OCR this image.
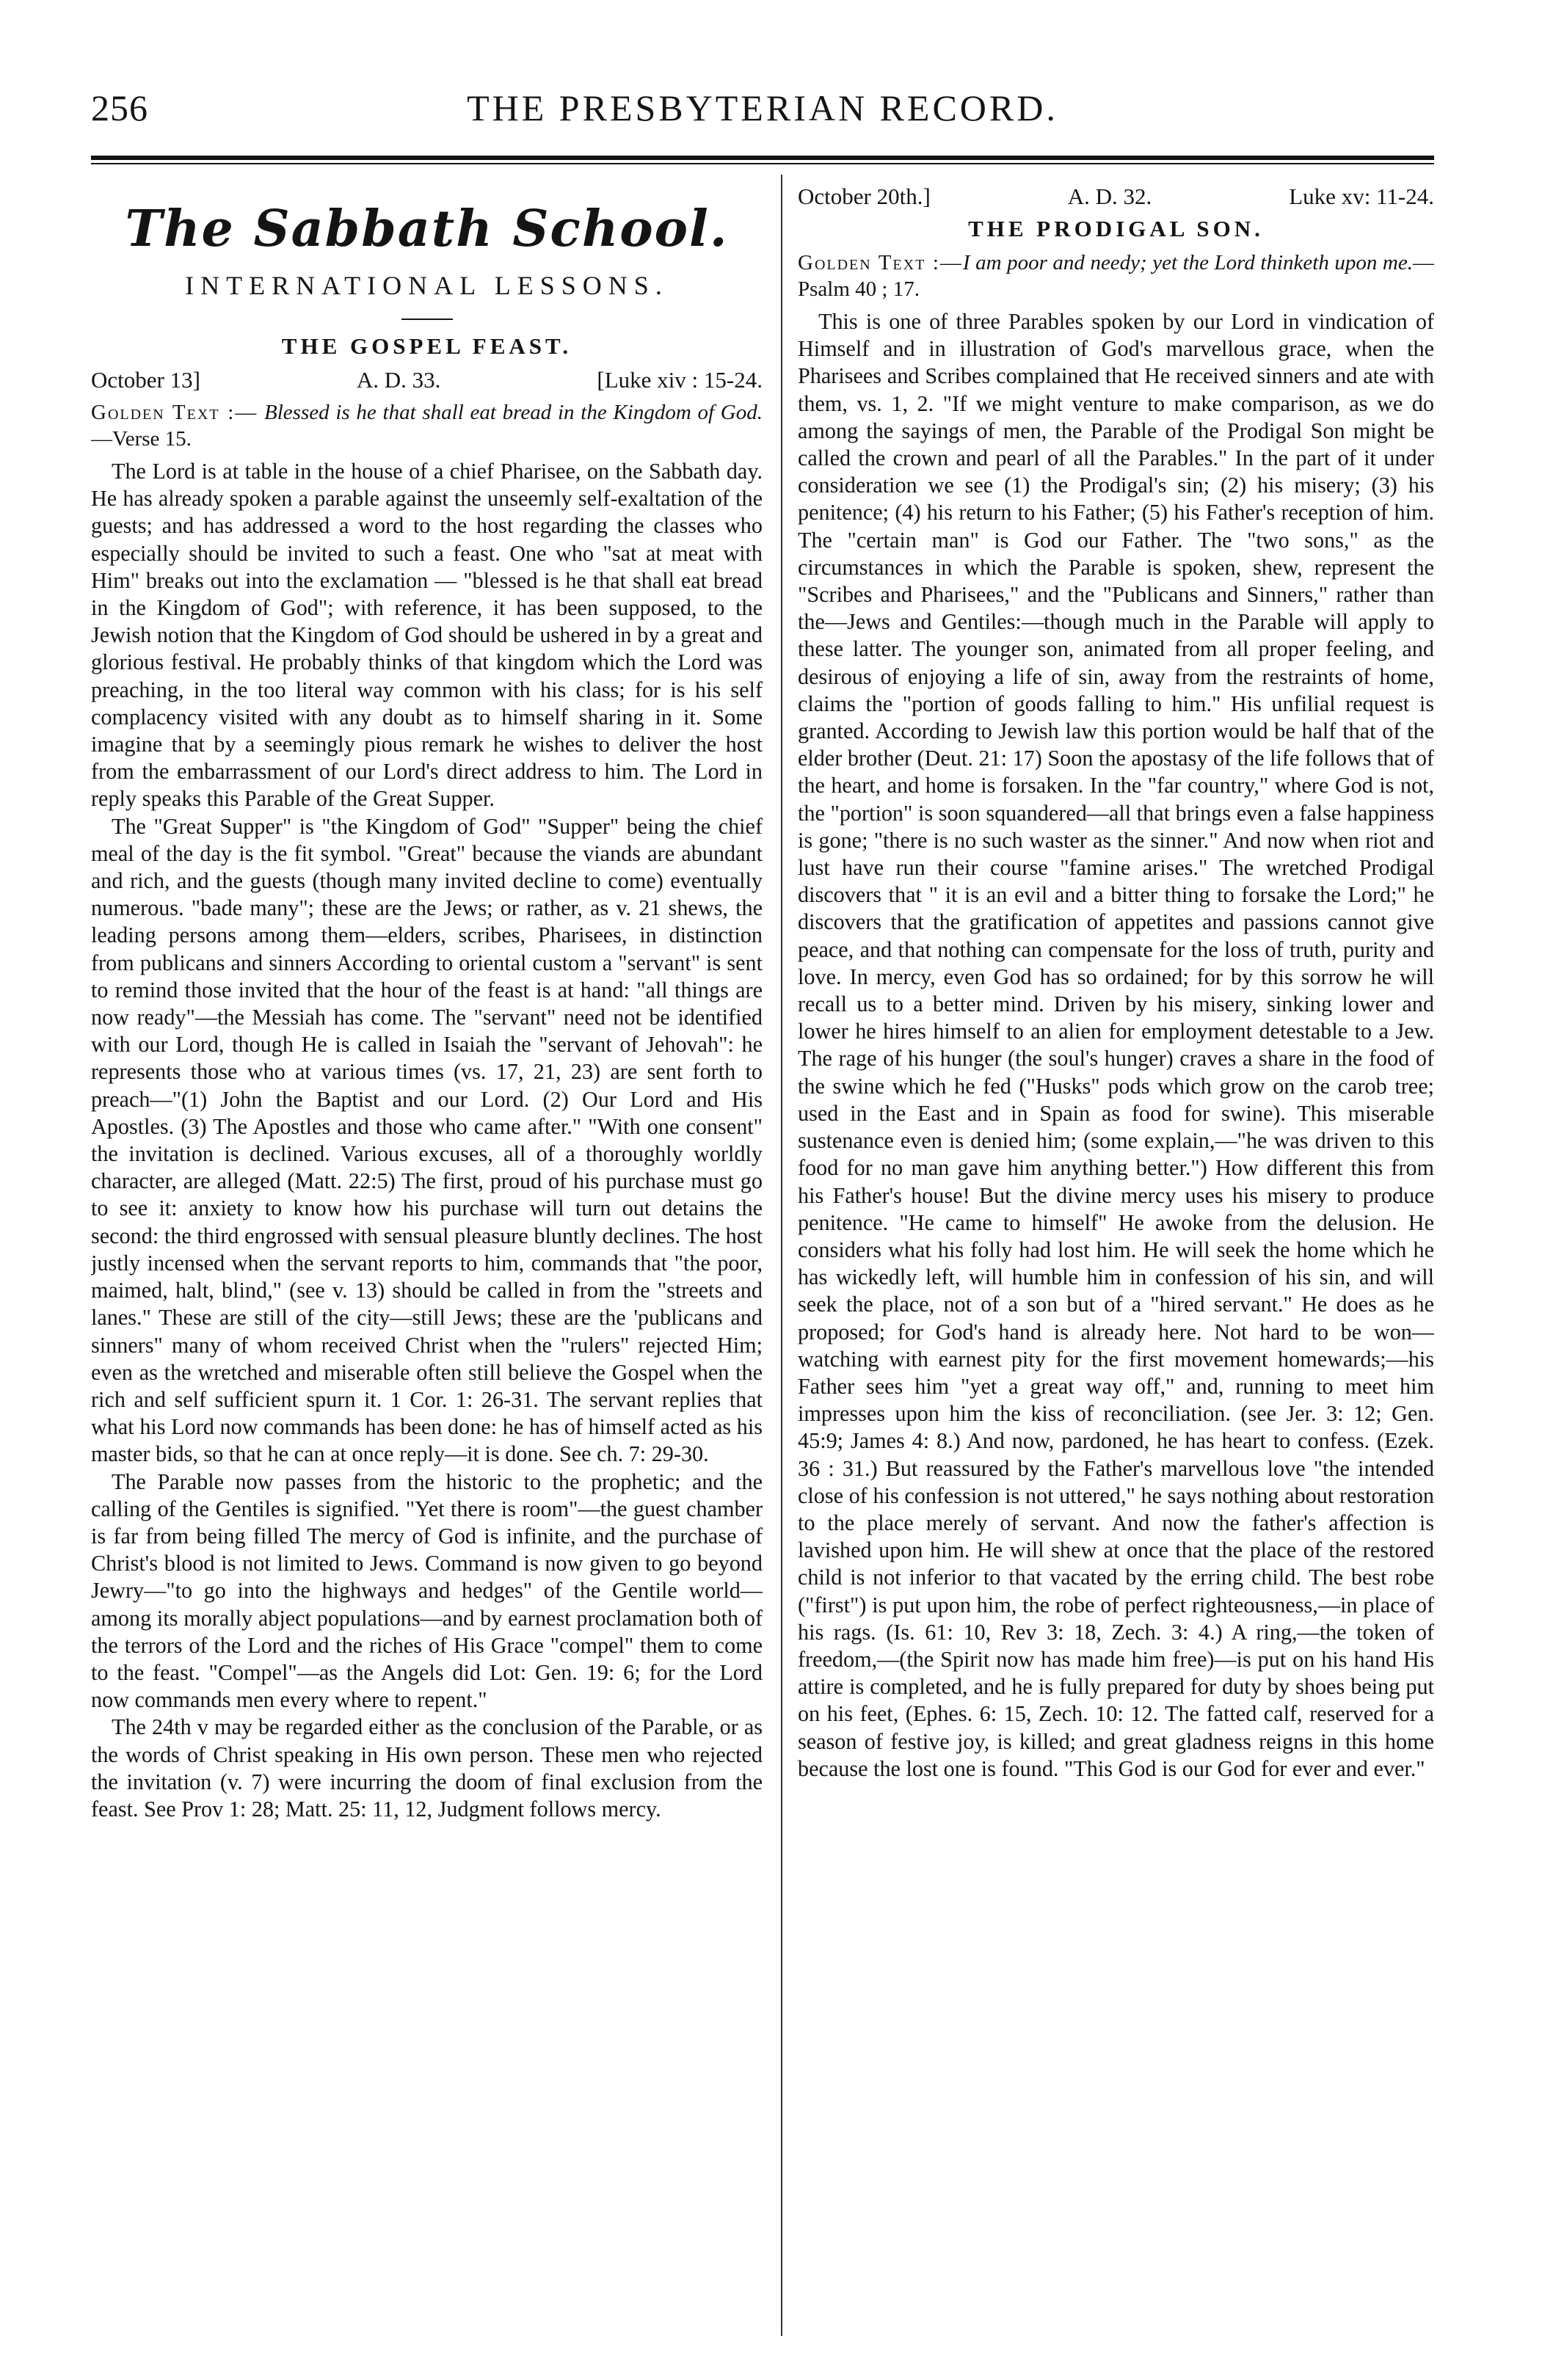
256	THE PRESBYTERIAN RECORD.
The Sabbath School.
INTERNATIONAL LESSONS.
THE GOSPEL FEAST.
October 13]	A. D. 33.	[Luke xiv : 15-24.
Golden Text :— Blessed is he that shall eat bread in the Kingdom of God.—Verse 15.

The Lord is at table in the house of a chief Pharisee, on the Sabbath day. He has already spoken a parable against the unseemly self-exaltation of the guests; and has addressed a word to the host regarding the classes who especially should be invited to such a feast. One who "sat at meat with Him" breaks out into the exclamation — "blessed is he that shall eat bread in the Kingdom of God"; with reference, it has been supposed, to the Jewish notion that the Kingdom of God should be ushered in by a great and glorious festival. He probably thinks of that kingdom which the Lord was preaching, in the too literal way common with his class; for is his self complacency visited with any doubt as to himself sharing in it. Some imagine that by a seemingly pious remark he wishes to deliver the host from the embarrassment of our Lord's direct address to him. The Lord in reply speaks this Parable of the Great Supper.

The "Great Supper" is "the Kingdom of God" "Supper" being the chief meal of the day is the fit symbol. "Great" because the viands are abundant and rich, and the guests (though many invited decline to come) eventually numerous. "bade many"; these are the Jews; or rather, as v. 21 shews, the leading persons among them—elders, scribes, Pharisees, in distinction from publicans and sinners According to oriental custom a "servant" is sent to remind those invited that the hour of the feast is at hand: "all things are now ready"—the Messiah has come. The "servant" need not be identified with our Lord, though He is called in Isaiah the "servant of Jehovah": he represents those who at various times (vs. 17, 21, 23) are sent forth to preach—"(1) John the Baptist and our Lord. (2) Our Lord and His Apostles. (3) The Apostles and those who came after." "With one consent" the invitation is declined. Various excuses, all of a thoroughly worldly character, are alleged (Matt. 22:5) The first, proud of his purchase must go to see it: anxiety to know how his purchase will turn out detains the second: the third engrossed with sensual pleasure bluntly declines. The host justly incensed when the servant reports to him, commands that "the poor, maimed, halt, blind," (see v. 13) should be called in from the "streets and lanes." These are still of the city—still Jews; these are the 'publicans and sinners" many of whom received Christ when the "rulers" rejected Him; even as the wretched and miserable often still believe the Gospel when the rich and self sufficient spurn it. 1 Cor. 1: 26-31. The servant replies that what his Lord now commands has been done: he has of himself acted as his master bids, so that he can at once reply—it is done. See ch. 7: 29-30.

The Parable now passes from the historic to the prophetic; and the calling of the Gentiles is signified. "Yet there is room"—the guest chamber is far from being filled The mercy of God is infinite, and the purchase of Christ's blood is not limited to Jews. Command is now given to go beyond Jewry—"to go into the highways and hedges" of the Gentile world—among its morally abject populations—and by earnest proclamation both of the terrors of the Lord and the riches of His Grace "compel" them to come to the feast. "Compel"—as the Angels did Lot: Gen. 19: 6; for the Lord now commands men every where to repent."

The 24th v may be regarded either as the conclusion of the Parable, or as the words of Christ speaking in His own person. These men who rejected the invitation (v. 7) were incurring the doom of final exclusion from the feast. See Prov 1: 28; Matt. 25: 11, 12, Judgment follows mercy.

October 20th.]	A. D. 32.	Luke xv: 11-24.
THE PRODIGAL SON.
Golden Text :—I am poor and needy; yet the Lord thinketh upon me.—Psalm 40 ; 17.

This is one of three Parables spoken by our Lord in vindication of Himself and in illustration of God's marvellous grace, when the Pharisees and Scribes complained that He received sinners and ate with them, vs. 1, 2. "If we might venture to make comparison, as we do among the sayings of men, the Parable of the Prodigal Son might be called the crown and pearl of all the Parables." In the part of it under consideration we see (1) the Prodigal's sin; (2) his misery; (3) his penitence; (4) his return to his Father; (5) his Father's reception of him. The "certain man" is God our Father. The "two sons," as the circumstances in which the Parable is spoken, shew, represent the "Scribes and Pharisees," and the "Publicans and Sinners," rather than the—Jews and Gentiles:—though much in the Parable will apply to these latter. The younger son, animated from all proper feeling, and desirous of enjoying a life of sin, away from the restraints of home, claims the "portion of goods falling to him." His unfilial request is granted. According to Jewish law this portion would be half that of the elder brother (Deut. 21: 17) Soon the apostasy of the life follows that of the heart, and home is forsaken. In the "far country," where God is not, the "portion" is soon squandered—all that brings even a false happiness is gone; "there is no such waster as the sinner." And now when riot and lust have run their course "famine arises." The wretched Prodigal discovers that " it is an evil and a bitter thing to forsake the Lord;" he discovers that the gratification of appetites and passions cannot give peace, and that nothing can compensate for the loss of truth, purity and love. In mercy, even God has so ordained; for by this sorrow he will recall us to a better mind. Driven by his misery, sinking lower and lower he hires himself to an alien for employment detestable to a Jew. The rage of his hunger (the soul's hunger) craves a share in the food of the swine which he fed ("Husks" pods which grow on the carob tree; used in the East and in Spain as food for swine). This miserable sustenance even is denied him; (some explain,—"he was driven to this food for no man gave him anything better.") How different this from his Father's house! But the divine mercy uses his misery to produce penitence. "He came to himself" He awoke from the delusion. He considers what his folly had lost him. He will seek the home which he has wickedly left, will humble him in confession of his sin, and will seek the place, not of a son but of a "hired servant." He does as he proposed; for God's hand is already here. Not hard to be won—watching with earnest pity for the first movement homewards;—his Father sees him "yet a great way off," and, running to meet him impresses upon him the kiss of reconciliation. (see Jer. 3: 12; Gen. 45:9; James 4: 8.) And now, pardoned, he has heart to confess. (Ezek. 36 : 31.) But reassured by the Father's marvellous love "the intended close of his confession is not uttered," he says nothing about restoration to the place merely of servant. And now the father's affection is lavished upon him. He will shew at once that the place of the restored child is not inferior to that vacated by the erring child. The best robe ("first") is put upon him, the robe of perfect righteousness,—in place of his rags. (Is. 61: 10, Rev 3: 18, Zech. 3: 4.) A ring,—the token of freedom,—(the Spirit now has made him free)—is put on his hand His attire is completed, and he is fully prepared for duty by shoes being put on his feet, (Ephes. 6: 15, Zech. 10: 12. The fatted calf, reserved for a season of festive joy, is killed; and great gladness reigns in this home because the lost one is found. "This God is our God for ever and ever."
